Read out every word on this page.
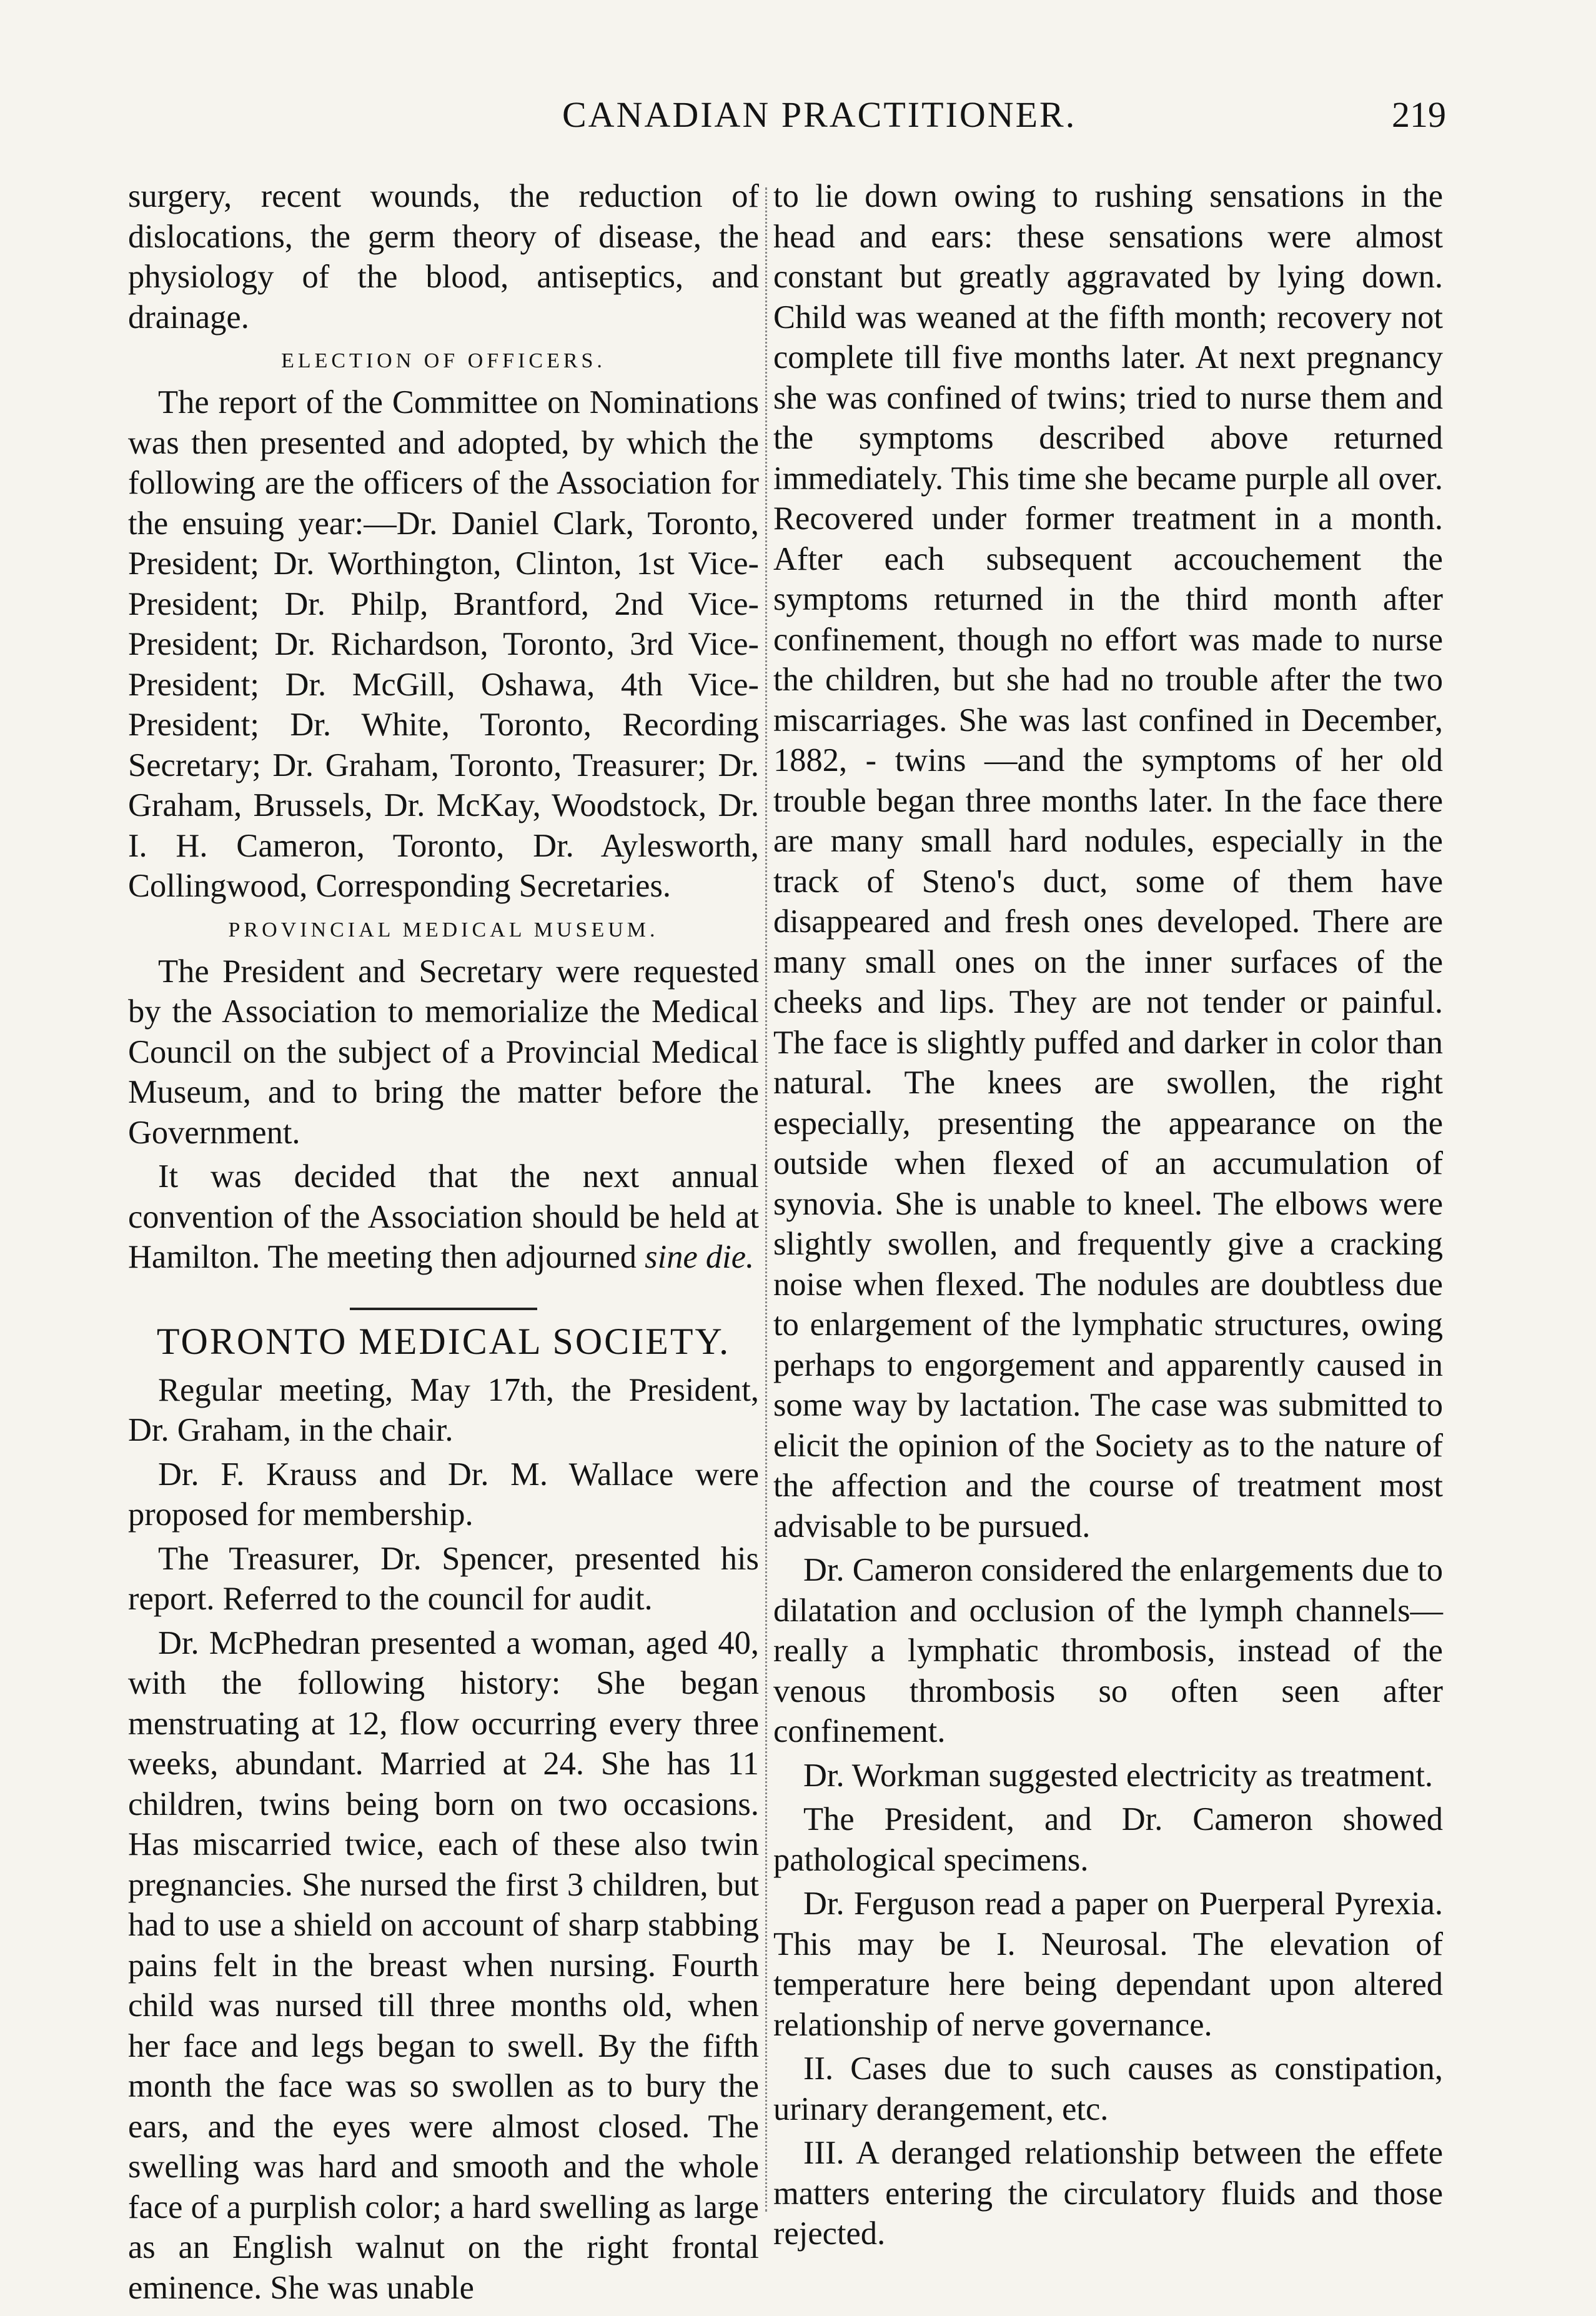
CANADIAN PRACTITIONER.	219

surgery, recent wounds, the reduction of dislocations, the germ theory of disease, the physiology of the blood, antiseptics, and drainage.

ELECTION OF OFFICERS.

The report of the Committee on Nominations was then presented and adopted, by which the following are the officers of the Association for the ensuing year:—Dr. Daniel Clark, Toronto, President; Dr. Worthington, Clinton, 1st Vice-President; Dr. Philp, Brantford, 2nd Vice-President; Dr. Richardson, Toronto, 3rd Vice-President; Dr. McGill, Oshawa, 4th Vice-President; Dr. White, Toronto, Recording Secretary; Dr. Graham, Toronto, Treasurer; Dr. Graham, Brussels, Dr. McKay, Woodstock, Dr. I. H. Cameron, Toronto, Dr. Aylesworth, Collingwood, Corresponding Secretaries.

PROVINCIAL MEDICAL MUSEUM.

The President and Secretary were requested by the Association to memorialize the Medical Council on the subject of a Provincial Medical Museum, and to bring the matter before the Government.

It was decided that the next annual convention of the Association should be held at Hamilton. The meeting then adjourned sine die.

TORONTO MEDICAL SOCIETY.

Regular meeting, May 17th, the President, Dr. Graham, in the chair.

Dr. F. Krauss and Dr. M. Wallace were proposed for membership.

The Treasurer, Dr. Spencer, presented his report. Referred to the council for audit.

Dr. McPhedran presented a woman, aged 40, with the following history: She began menstruating at 12, flow occurring every three weeks, abundant. Married at 24. She has 11 children, twins being born on two occasions. Has miscarried twice, each of these also twin pregnancies. She nursed the first 3 children, but had to use a shield on account of sharp stabbing pains felt in the breast when nursing. Fourth child was nursed till three months old, when her face and legs began to swell. By the fifth month the face was so swollen as to bury the ears, and the eyes were almost closed. The swelling was hard and smooth and the whole face of a purplish color; a hard swelling as large as an English walnut on the right frontal eminence. She was unable

to lie down owing to rushing sensations in the head and ears: these sensations were almost constant but greatly aggravated by lying down. Child was weaned at the fifth month; recovery not complete till five months later. At next pregnancy she was confined of twins; tried to nurse them and the symptoms described above returned immediately. This time she became purple all over. Recovered under former treatment in a month. After each subsequent accouchement the symptoms returned in the third month after confinement, though no effort was made to nurse the children, but she had no trouble after the two miscarriages. She was last confined in December, 1882, - twins —and the symptoms of her old trouble began three months later. In the face there are many small hard nodules, especially in the track of Steno's duct, some of them have disappeared and fresh ones developed. There are many small ones on the inner surfaces of the cheeks and lips. They are not tender or painful. The face is slightly puffed and darker in color than natural. The knees are swollen, the right especially, presenting the appearance on the outside when flexed of an accumulation of synovia. She is unable to kneel. The elbows were slightly swollen, and frequently give a cracking noise when flexed. The nodules are doubtless due to enlargement of the lymphatic structures, owing perhaps to engorgement and apparently caused in some way by lactation. The case was submitted to elicit the opinion of the Society as to the nature of the affection and the course of treatment most advisable to be pursued.

Dr. Cameron considered the enlargements due to dilatation and occlusion of the lymph channels—really a lymphatic thrombosis, instead of the venous thrombosis so often seen after confinement.

Dr. Workman suggested electricity as treatment.

The President, and Dr. Cameron showed pathological specimens.

Dr. Ferguson read a paper on Puerperal Pyrexia. This may be I. Neurosal. The elevation of temperature here being dependant upon altered relationship of nerve governance.

II. Cases due to such causes as constipation, urinary derangement, etc.

III. A deranged relationship between the effete matters entering the circulatory fluids and those rejected.
